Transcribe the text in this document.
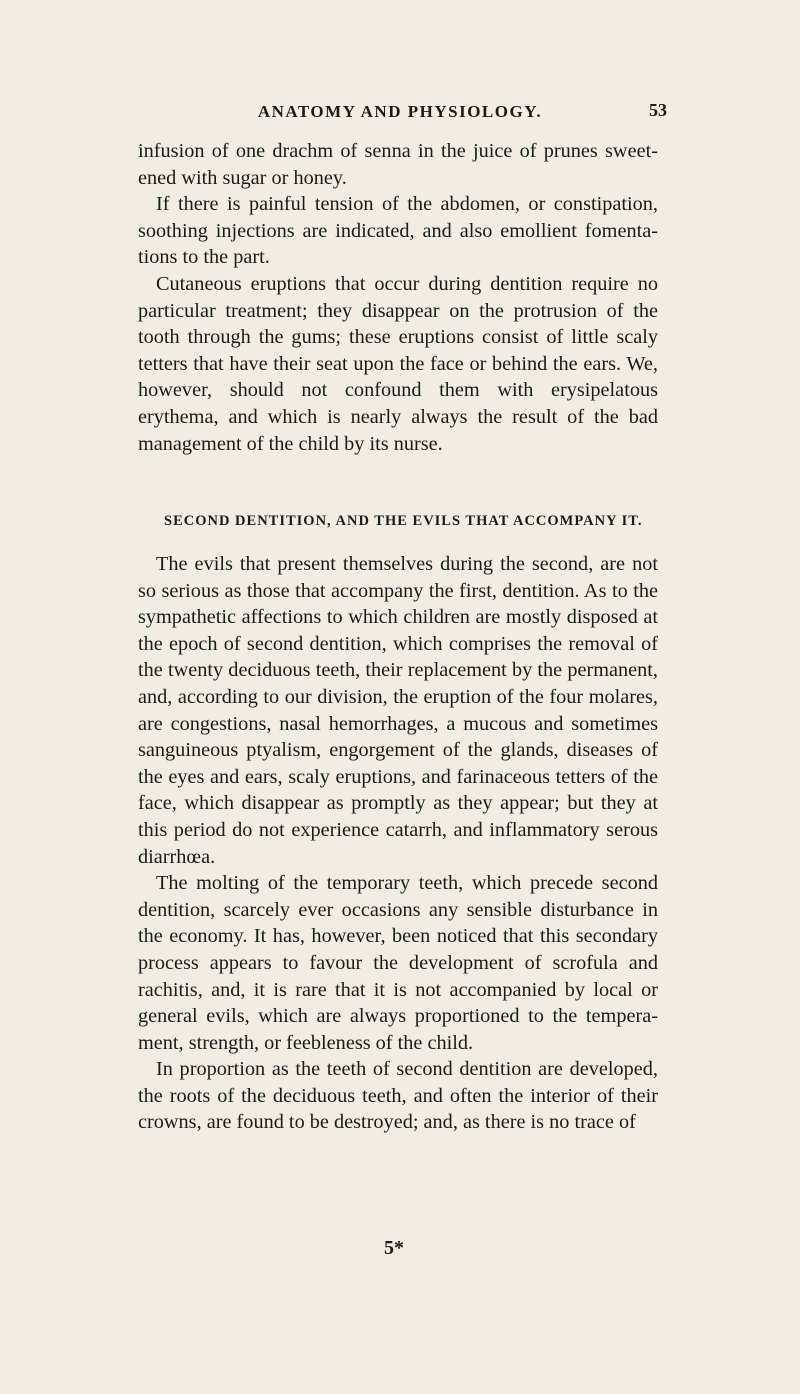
ANATOMY AND PHYSIOLOGY.	53

infusion of one drachm of senna in the juice of prunes sweetened with sugar or honey.

If there is painful tension of the abdomen, or constipation, soothing injections are indicated, and also emollient fomentations to the part.

Cutaneous eruptions that occur during dentition require no particular treatment; they disappear on the protrusion of the tooth through the gums; these eruptions consist of little scaly tetters that have their seat upon the face or behind the ears. We, however, should not confound them with erysipelatous erythema, and which is nearly always the result of the bad management of the child by its nurse.

SECOND DENTITION, AND THE EVILS THAT ACCOMPANY IT.

The evils that present themselves during the second, are not so serious as those that accompany the first, dentition. As to the sympathetic affections to which children are mostly disposed at the epoch of second dentition, which comprises the removal of the twenty deciduous teeth, their replacement by the permanent, and, according to our division, the eruption of the four molares, are congestions, nasal hemorrhages, a mucous and sometimes sanguineous ptyalism, engorgement of the glands, diseases of the eyes and ears, scaly eruptions, and farinaceous tetters of the face, which disappear as promptly as they appear; but they at this period do not experience catarrh, and inflammatory serous diarrhœa.

The molting of the temporary teeth, which precede second dentition, scarcely ever occasions any sensible disturbance in the economy. It has, however, been noticed that this secondary process appears to favour the development of scrofula and rachitis, and, it is rare that it is not accompanied by local or general evils, which are always proportioned to the temperament, strength, or feebleness of the child.

In proportion as the teeth of second dentition are developed, the roots of the deciduous teeth, and often the interior of their crowns, are found to be destroyed; and, as there is no trace of

5*
